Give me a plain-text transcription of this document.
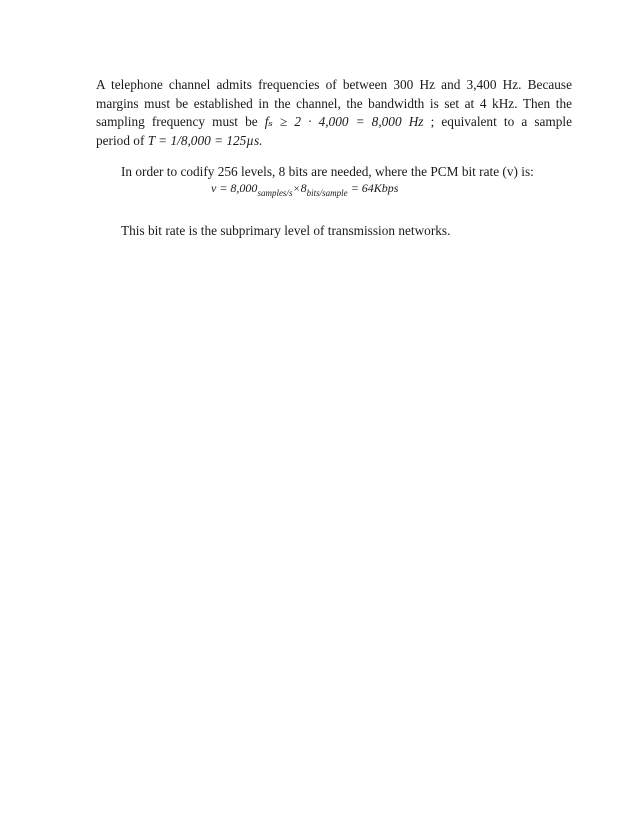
A telephone channel admits frequencies of between 300 Hz and 3,400 Hz. Because
margins must be established in the channel, the bandwidth is set at 4 kHz. Then the
sampling frequency must be fₛ ≥ 2 · 4,000 = 8,000 Hz ; equivalent to a sample
period of T = 1/8,000 = 125µs.
In order to codify 256 levels, 8 bits are needed, where the PCM bit rate (v) is:
$v = 8,000_{samples/s}\times 8_{bits/sample}$ = 64Kbps
This bit rate is the subprimary level of transmission networks.
